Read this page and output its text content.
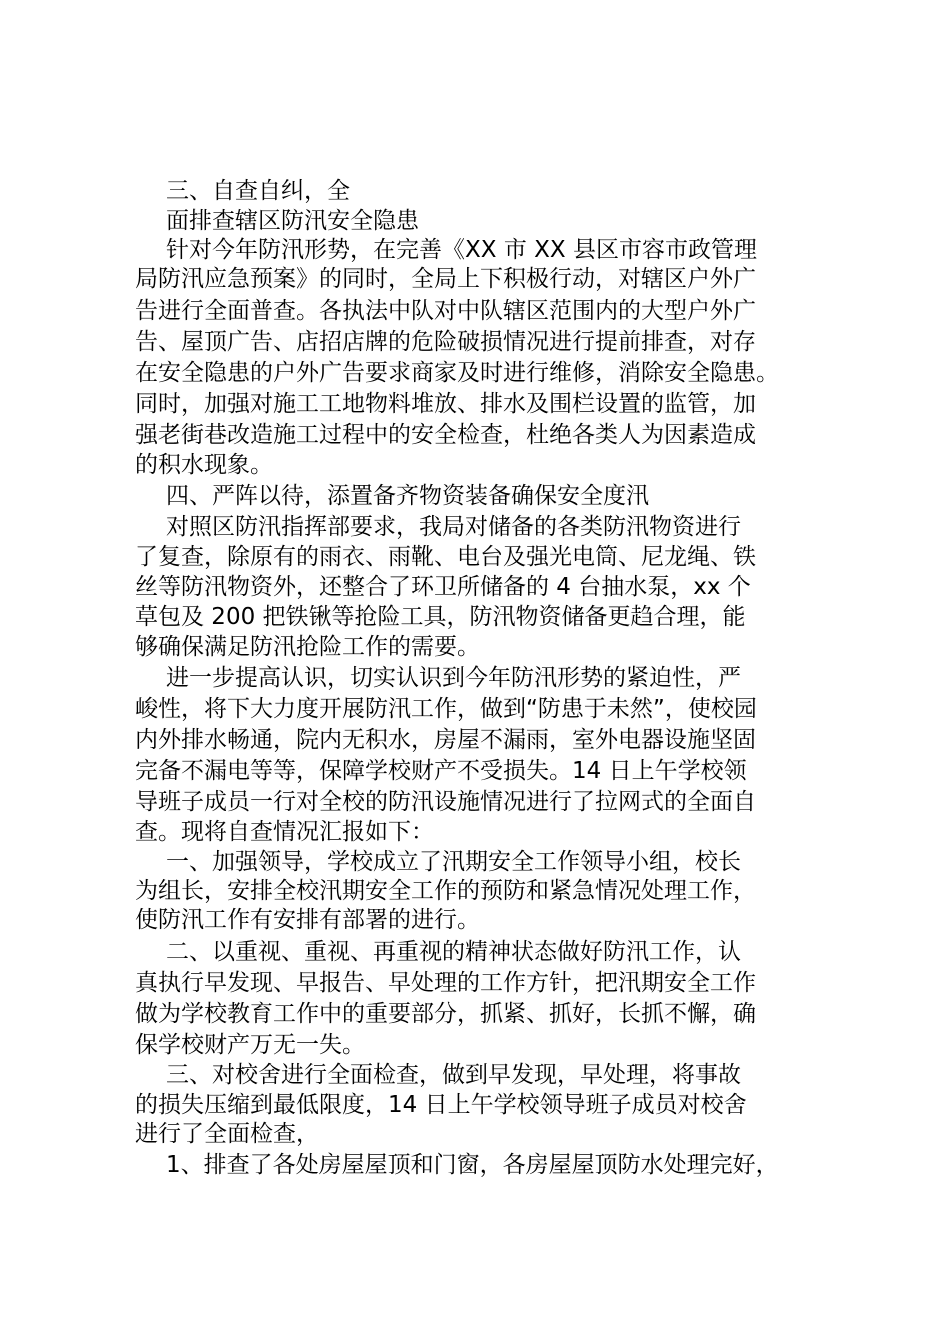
三、自查自纠，全
面排查辖区防汛安全隐患
针对今年防汛形势，在完善《XX 市 XX 县区市容市政管理
局防汛应急预案》的同时，全局上下积极行动，对辖区户外广
告进行全面普查。各执法中队对中队辖区范围内的大型户外广
告、屋顶广告、店招店牌的危险破损情况进行提前排查，对存
在安全隐患的户外广告要求商家及时进行维修，消除安全隐患。
同时，加强对施工工地物料堆放、排水及围栏设置的监管，加
强老街巷改造施工过程中的安全检查，杜绝各类人为因素造成
的积水现象。
四、严阵以待，添置备齐物资装备确保安全度汛
对照区防汛指挥部要求，我局对储备的各类防汛物资进行
了复查，除原有的雨衣、雨靴、电台及强光电筒、尼龙绳、铁
丝等防汛物资外，还整合了环卫所储备的 4 台抽水泵，xx 个
草包及 200 把铁锹等抢险工具，防汛物资储备更趋合理，能
够确保满足防汛抢险工作的需要。
进一步提高认识，切实认识到今年防汛形势的紧迫性，严
峻性，将下大力度开展防汛工作，做到“防患于未然”，使校园
内外排水畅通，院内无积水，房屋不漏雨，室外电器设施坚固
完备不漏电等等，保障学校财产不受损失。14 日上午学校领
导班子成员一行对全校的防汛设施情况进行了拉网式的全面自
查。现将自查情况汇报如下：
一、加强领导，学校成立了汛期安全工作领导小组，校长
为组长，安排全校汛期安全工作的预防和紧急情况处理工作，
使防汛工作有安排有部署的进行。
二、以重视、重视、再重视的精神状态做好防汛工作，认
真执行早发现、早报告、早处理的工作方针，把汛期安全工作
做为学校教育工作中的重要部分，抓紧、抓好，长抓不懈，确
保学校财产万无一失。
三、对校舍进行全面检查，做到早发现，早处理，将事故
的损失压缩到最低限度，14 日上午学校领导班子成员对校舍
进行了全面检查，
1、排查了各处房屋屋顶和门窗，各房屋屋顶防水处理完好，
